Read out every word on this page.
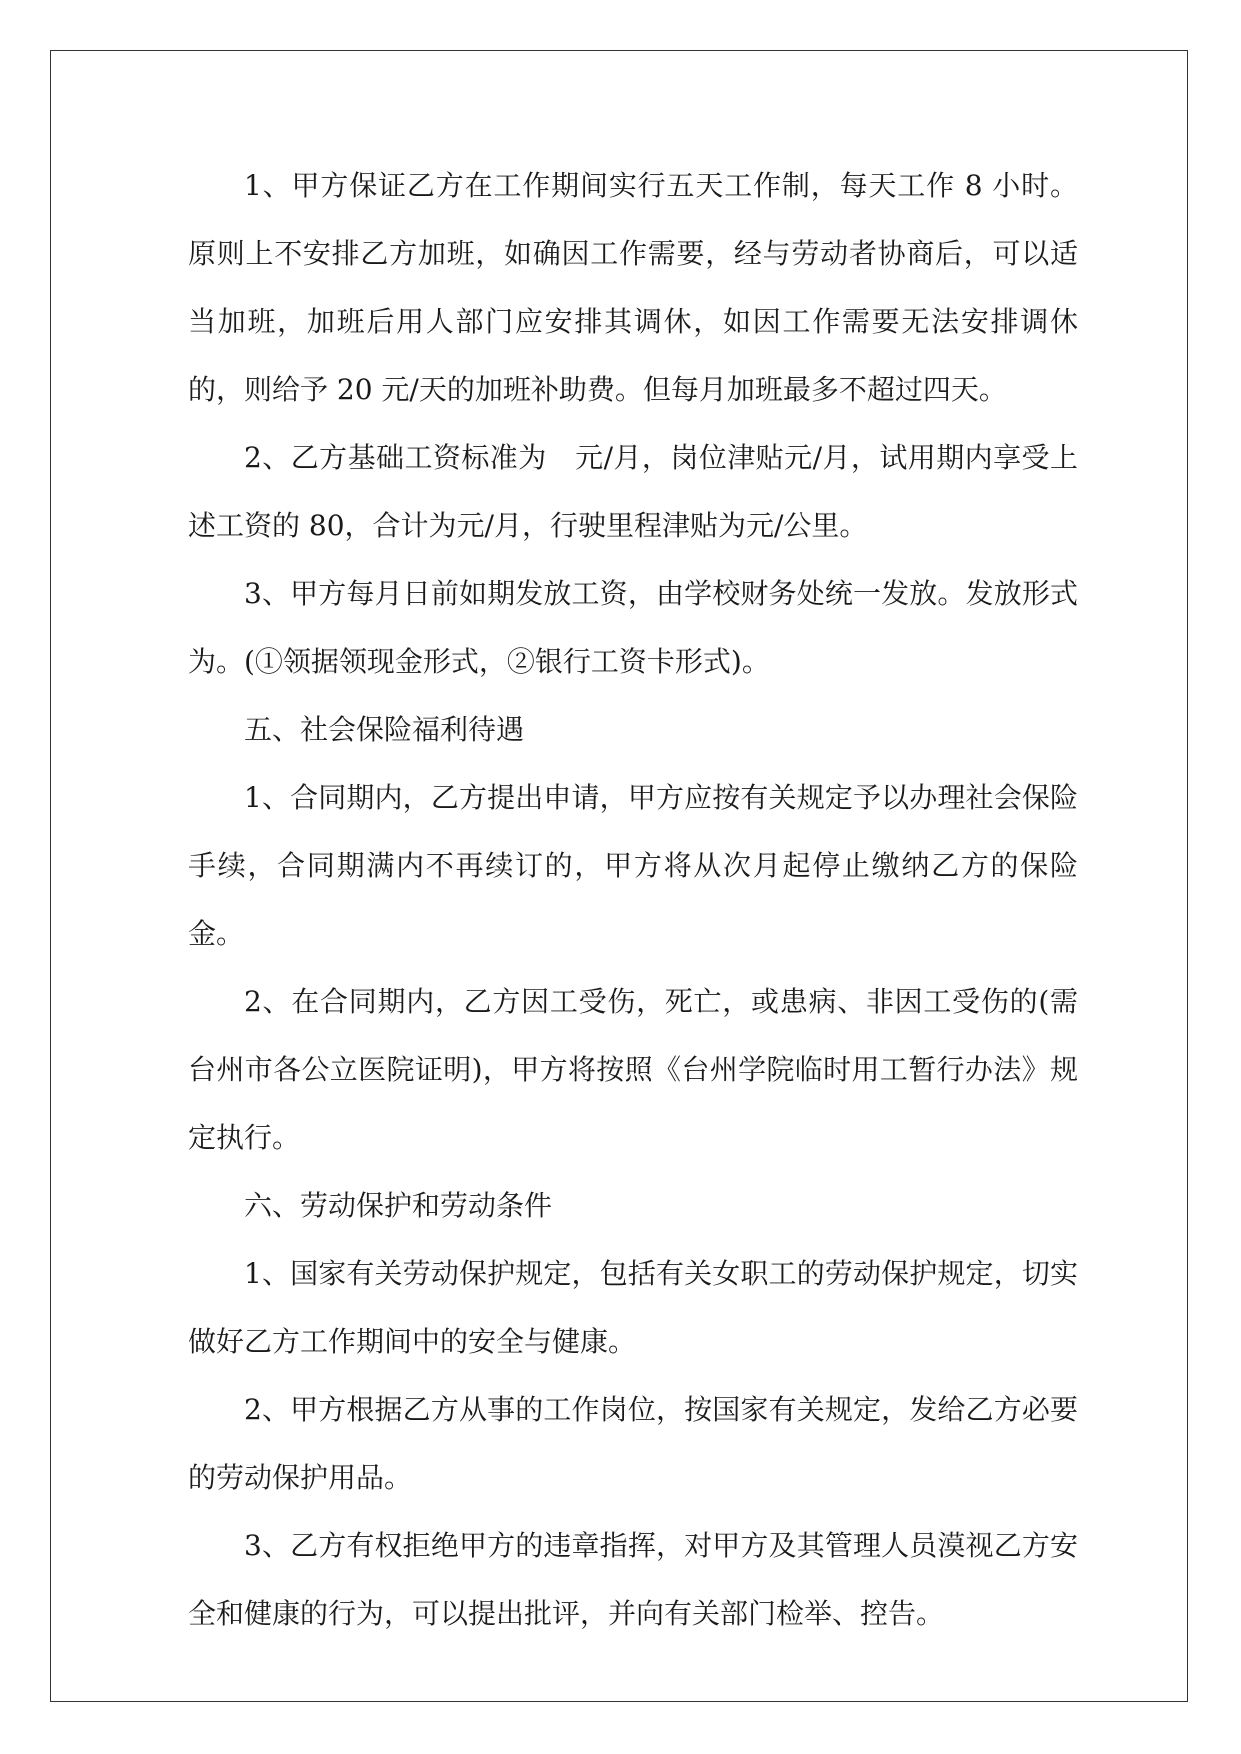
1、甲方保证乙方在工作期间实行五天工作制，每天工作 8 小时。原则上不安排乙方加班，如确因工作需要，经与劳动者协商后，可以适当加班，加班后用人部门应安排其调休，如因工作需要无法安排调休的，则给予 20 元/天的加班补助费。但每月加班最多不超过四天。

2、乙方基础工资标准为　元/月，岗位津贴元/月，试用期内享受上述工资的 80，合计为元/月，行驶里程津贴为元/公里。

3、甲方每月日前如期发放工资，由学校财务处统一发放。发放形式为。(①领据领现金形式，②银行工资卡形式)。

五、社会保险福利待遇

1、合同期内，乙方提出申请，甲方应按有关规定予以办理社会保险手续，合同期满内不再续订的，甲方将从次月起停止缴纳乙方的保险金。

2、在合同期内，乙方因工受伤，死亡，或患病、非因工受伤的(需台州市各公立医院证明)，甲方将按照《台州学院临时用工暂行办法》规定执行。

六、劳动保护和劳动条件

1、国家有关劳动保护规定，包括有关女职工的劳动保护规定，切实做好乙方工作期间中的安全与健康。

2、甲方根据乙方从事的工作岗位，按国家有关规定，发给乙方必要的劳动保护用品。

3、乙方有权拒绝甲方的违章指挥，对甲方及其管理人员漠视乙方安全和健康的行为，可以提出批评，并向有关部门检举、控告。
